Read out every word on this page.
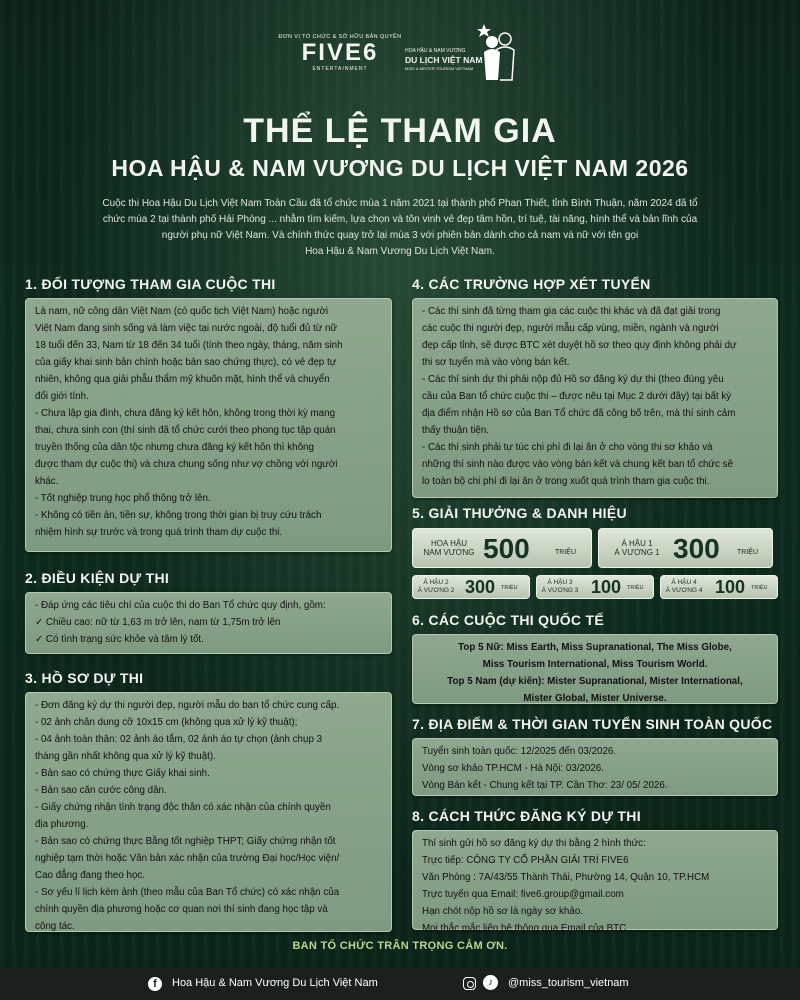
ĐƠN VỊ TỔ CHỨC & SỞ HỮU BẢN QUYỀN
FIVE6
ENTERTAINMENT
HOA HẬU & NAM VƯƠNG
DU LỊCH VIỆT NAM
MISS & MISTER TOURISM VIETNAM
THỂ LỆ THAM GIA
HOA HẬU & NAM VƯƠNG DU LỊCH VIỆT NAM 2026

Cuộc thi Hoa Hậu Du Lịch Việt Nam Toàn Cầu đã tổ chức mùa 1 năm 2021 tại thành phố Phan Thiết, tỉnh Bình Thuận, năm 2024 đã tổ

chức mùa 2 tại thành phố Hải Phòng ... nhằm tìm kiếm, lựa chọn và tôn vinh vẻ đẹp tâm hồn, trí tuệ, tài năng, hình thể và bản lĩnh của

người phụ nữ Việt Nam. Và chính thức quay trở lại mùa 3 với phiên bản dành cho cả nam và nữ với tên gọi

Hoa Hậu & Nam Vương Du Lịch Việt Nam.

1. ĐỐI TƯỢNG THAM GIA CUỘC THI

Là nam, nữ công dân Việt Nam (có quốc tịch Việt Nam) hoặc người

Việt Nam đang sinh sống và làm việc tại nước ngoài, độ tuổi đủ từ nữ

18 tuổi đến 33, Nam từ 18 đến 34 tuổi (tính theo ngày, tháng, năm sinh

của giấy khai sinh bản chính hoặc bản sao chứng thực), có vẻ đẹp tự

nhiên, không qua giải phẫu thẩm mỹ khuôn mặt, hình thể và chuyển

đổi giới tính.

- Chưa lập gia đình, chưa đăng ký kết hôn, không trong thời kỳ mang

thai, chưa sinh con (thí sinh đã tổ chức cưới theo phong tục tập quán

truyền thống của dân tộc nhưng chưa đăng ký kết hôn thì không

được tham dự cuộc thi) và chưa chung sống như vợ chồng với người

khác.

- Tốt nghiệp trung học phổ thông trở lên.

- Không có tiền án, tiền sự, không trong thời gian bị truy cứu trách

nhiệm hình sự trước và trong quá trình tham dự cuộc thi.

2. ĐIỀU KIỆN DỰ THI

- Đáp ứng các tiêu chí của cuộc thi do Ban Tổ chức quy định, gồm:

✓ Chiều cao: nữ từ 1,63 m trở lên, nam từ 1,75m trở lên

✓ Có tình trạng sức khỏe và tâm lý tốt.

3. HỒ SƠ DỰ THI

- Đơn đăng ký dự thi người đẹp, người mẫu do ban tổ chức cung cấp.

- 02 ảnh chân dung cỡ 10x15 cm (không qua xử lý kỹ thuật);

- 04 ảnh toàn thân: 02 ảnh áo tắm, 02 ảnh áo tự chọn (ảnh chụp 3

tháng gần nhất không qua xử lý kỹ thuật).

- Bản sao có chứng thực Giấy khai sinh.

- Bản sao căn cước công dân.

- Giấy chứng nhận tình trạng độc thân có xác nhận của chính quyền

địa phương.

- Bản sao có chứng thực Bằng tốt nghiệp THPT; Giấy chứng nhận tốt

nghiệp tạm thời hoặc Văn bản xác nhận của trường Đại học/Học viện/

Cao đẳng đang theo học.

- Sơ yếu lí lịch kèm ảnh (theo mẫu của Ban Tổ chức) có xác nhận của

chính quyền địa phương hoặc cơ quan nơi thí sinh đang học tập và

công tác.

4. CÁC TRƯỜNG HỢP XÉT TUYỂN

- Các thí sinh đã từng tham gia các cuộc thi khác và đã đạt giải trong

các cuộc thi người đẹp, người mẫu cấp vùng, miền, ngành và người

đẹp cấp tỉnh, sẽ được BTC xét duyệt hồ sơ theo quy định không phải dự

thi sơ tuyển mà vào vòng bán kết.

- Các thí sinh dự thi phải nộp đủ Hồ sơ đăng ký dự thi (theo đúng yêu

cầu của Ban tổ chức cuộc thi – được nêu tại Mục 2 dưới đây) tại bất kỳ

địa điểm nhận Hồ sơ của Ban Tổ chức đã công bố trên, mà thí sinh cảm

thấy thuận tiện.

- Các thí sinh phải tự túc chi phí đi lại ăn ở cho vòng thi sơ khảo và

những thí sinh nào được vào vòng bán kết và chung kết ban tổ chức sẽ

lo toàn bộ chi phí đi lại ăn ở trong xuốt quá trình tham gia cuộc thi.

5. GIẢI THƯỞNG & DANH HIỆU
HOA HẬU
NAM VƯƠNG 500	TRIỆU
Á HẬU 1
Á VƯƠNG 1 300 TRIỆU
Á HẬU 2
Á VƯƠNG 2 300 TRIỆU
Á HẬU 3
Á VƯƠNG 3 100 TRIỆU
Á HẬU 4
Á VƯƠNG 4 100 TRIỆU
6. CÁC CUỘC THI QUỐC TẾ

Top 5 Nữ: Miss Earth, Miss Supranational, The Miss Globe,

Miss Tourism International, Miss Tourism World.

Top 5 Nam (dự kiến): Mister Supranational, Mister International,

Mister Global, Mister Universe.

7. ĐỊA ĐIỂM & THỜI GIAN TUYỂN SINH TOÀN QUỐC

Tuyển sinh toàn quốc: 12/2025 đến 03/2026.

Vòng sơ khảo TP.HCM - Hà Nội: 03/2026.

Vòng Bán kết - Chung kết tại TP. Cần Thơ: 23/ 05/ 2026.

8. CÁCH THỨC ĐĂNG KÝ DỰ THI

Thí sinh gửi hồ sơ đăng ký dự thi bằng 2 hình thức:

Trực tiếp: CÔNG TY CỔ PHẦN GIẢI TRÍ FIVE6

Văn Phòng : 7A/43/55 Thành Thái, Phường 14, Quận 10, TP.HCM

Trực tuyến qua Email: five6.group@gmail.com

Hạn chót nộp hồ sơ là ngày sơ khảo.

Mọi thắc mắc liên hệ thông qua Email của BTC.

BAN TỔ CHỨC TRÂN TRỌNG CẢM ƠN.
f	Hoa Hậu & Nam Vương Du Lịch Việt Nam	♪	@miss_tourism_vietnam
